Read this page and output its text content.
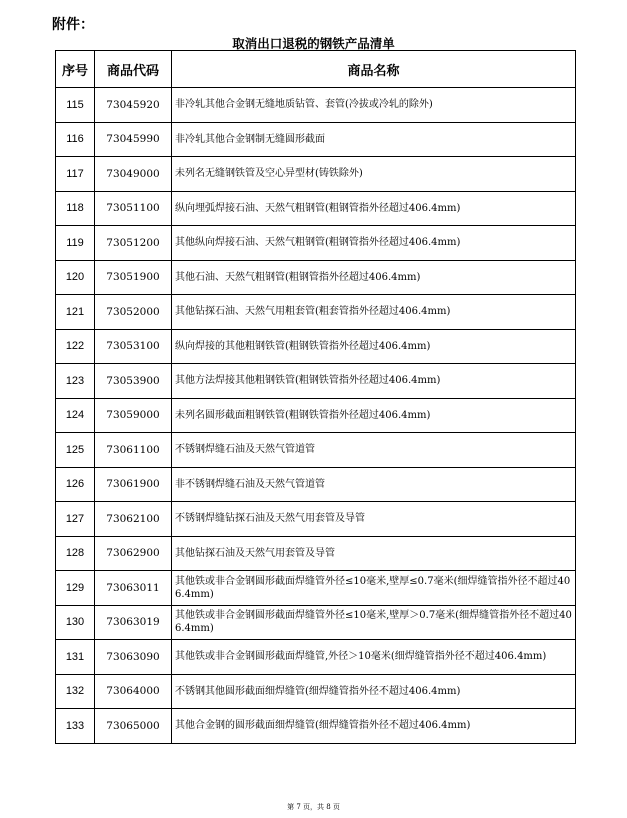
附件：
取消出口退税的钢铁产品清单
序号	商品代码	商品名称
115	73045920	非冷轧其他合金钢无缝地质钻管、套管(冷拔或冷轧的除外)
116	73045990	非冷轧其他合金钢制无缝圆形截面
117	73049000	未列名无缝钢铁管及空心异型材(铸铁除外)
118	73051100	纵向埋弧焊接石油、天然气粗钢管(粗钢管指外径超过406.4mm)
119	73051200	其他纵向焊接石油、天然气粗钢管(粗钢管指外径超过406.4mm)
120	73051900	其他石油、天然气粗钢管(粗钢管指外径超过406.4mm)
121	73052000	其他钻探石油、天然气用粗套管(粗套管指外径超过406.4mm)
122	73053100	纵向焊接的其他粗钢铁管(粗钢铁管指外径超过406.4mm)
123	73053900	其他方法焊接其他粗钢铁管(粗钢铁管指外径超过406.4mm)
124	73059000	未列名圆形截面粗钢铁管(粗钢铁管指外径超过406.4mm)
125	73061100	不锈钢焊缝石油及天然气管道管
126	73061900	非不锈钢焊缝石油及天然气管道管
127	73062100	不锈钢焊缝钻探石油及天然气用套管及导管
128	73062900	其他钻探石油及天然气用套管及导管
129	73063011	其他铁或非合金钢圆形截面焊缝管外径≤10毫米,壁厚≤0.7毫米(细焊缝管指外径不超过406.4mm)
130	73063019	其他铁或非合金钢圆形截面焊缝管外径≤10毫米,壁厚＞0.7毫米(细焊缝管指外径不超过406.4mm)
131	73063090	其他铁或非合金钢圆形截面焊缝管,外径＞10毫米(细焊缝管指外径不超过406.4mm)
132	73064000	不锈钢其他圆形截面细焊缝管(细焊缝管指外径不超过406.4mm)
133	73065000	其他合金钢的圆形截面细焊缝管(细焊缝管指外径不超过406.4mm)
第 7 页，共 8 页
